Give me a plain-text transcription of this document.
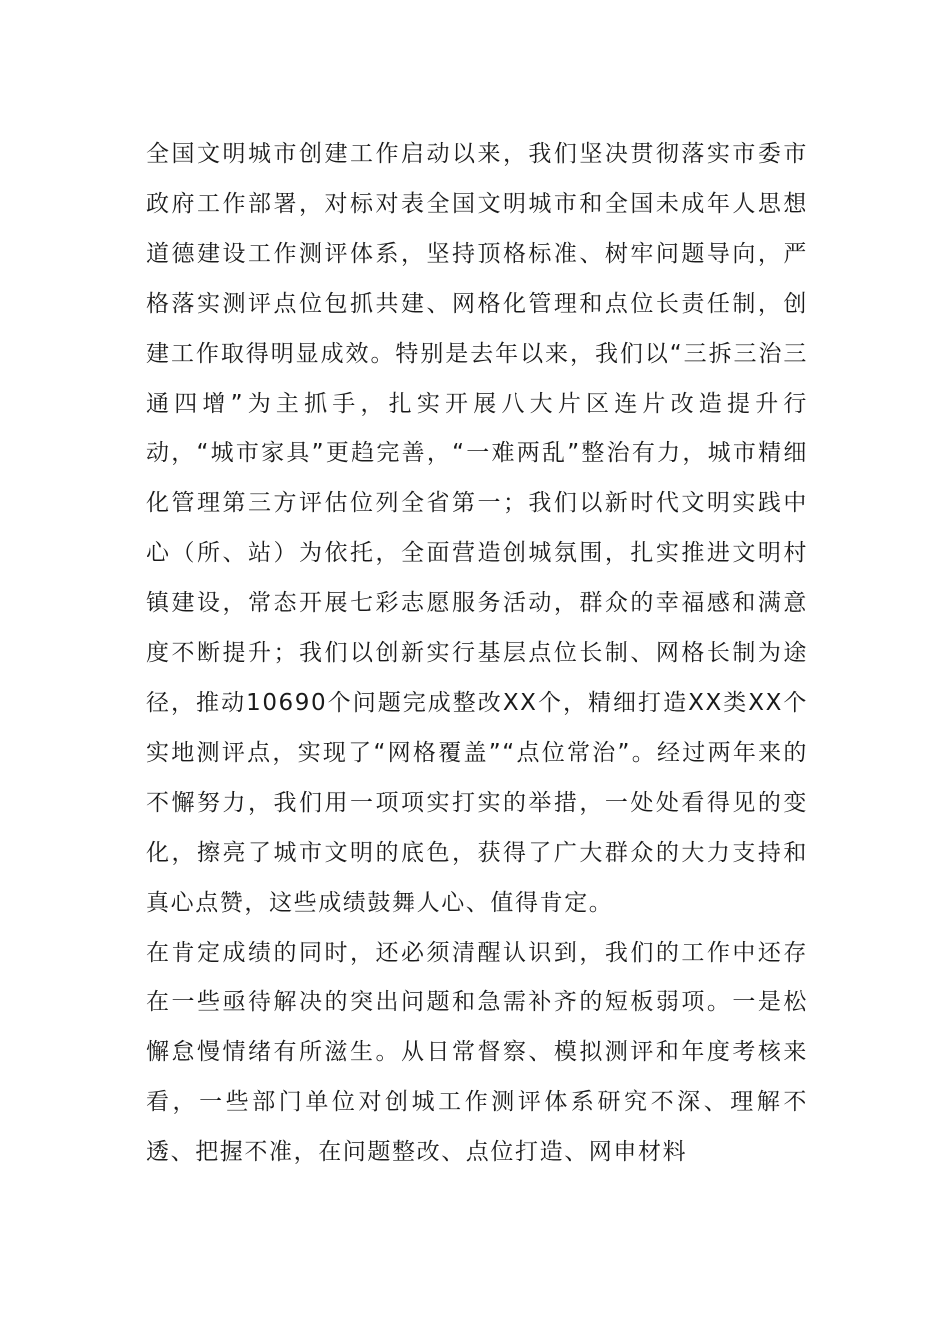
全国文明城市创建工作启动以来，我们坚决贯彻落实市委市政府工作部署，对标对表全国文明城市和全国未成年人思想道德建设工作测评体系，坚持顶格标准、树牢问题导向，严格落实测评点位包抓共建、网格化管理和点位长责任制，创建工作取得明显成效。特别是去年以来，我们以“三拆三治三通四增”为主抓手，扎实开展八大片区连片改造提升行动，“城市家具”更趋完善，“一难两乱”整治有力，城市精细化管理第三方评估位列全省第一；我们以新时代文明实践中心（所、站）为依托，全面营造创城氛围，扎实推进文明村镇建设，常态开展七彩志愿服务活动，群众的幸福感和满意度不断提升；我们以创新实行基层点位长制、网格长制为途径，推动10690个问题完成整改XX个，精细打造XX类XX个实地测评点，实现了“网格覆盖”“点位常治”。经过两年来的不懈努力，我们用一项项实打实的举措，一处处看得见的变化，擦亮了城市文明的底色，获得了广大群众的大力支持和真心点赞，这些成绩鼓舞人心、值得肯定。

在肯定成绩的同时，还必须清醒认识到，我们的工作中还存在一些亟待解决的突出问题和急需补齐的短板弱项。一是松懈怠慢情绪有所滋生。从日常督察、模拟测评和年度考核来看，一些部门单位对创城工作测评体系研究不深、理解不透、把握不准，在问题整改、点位打造、网申材料
